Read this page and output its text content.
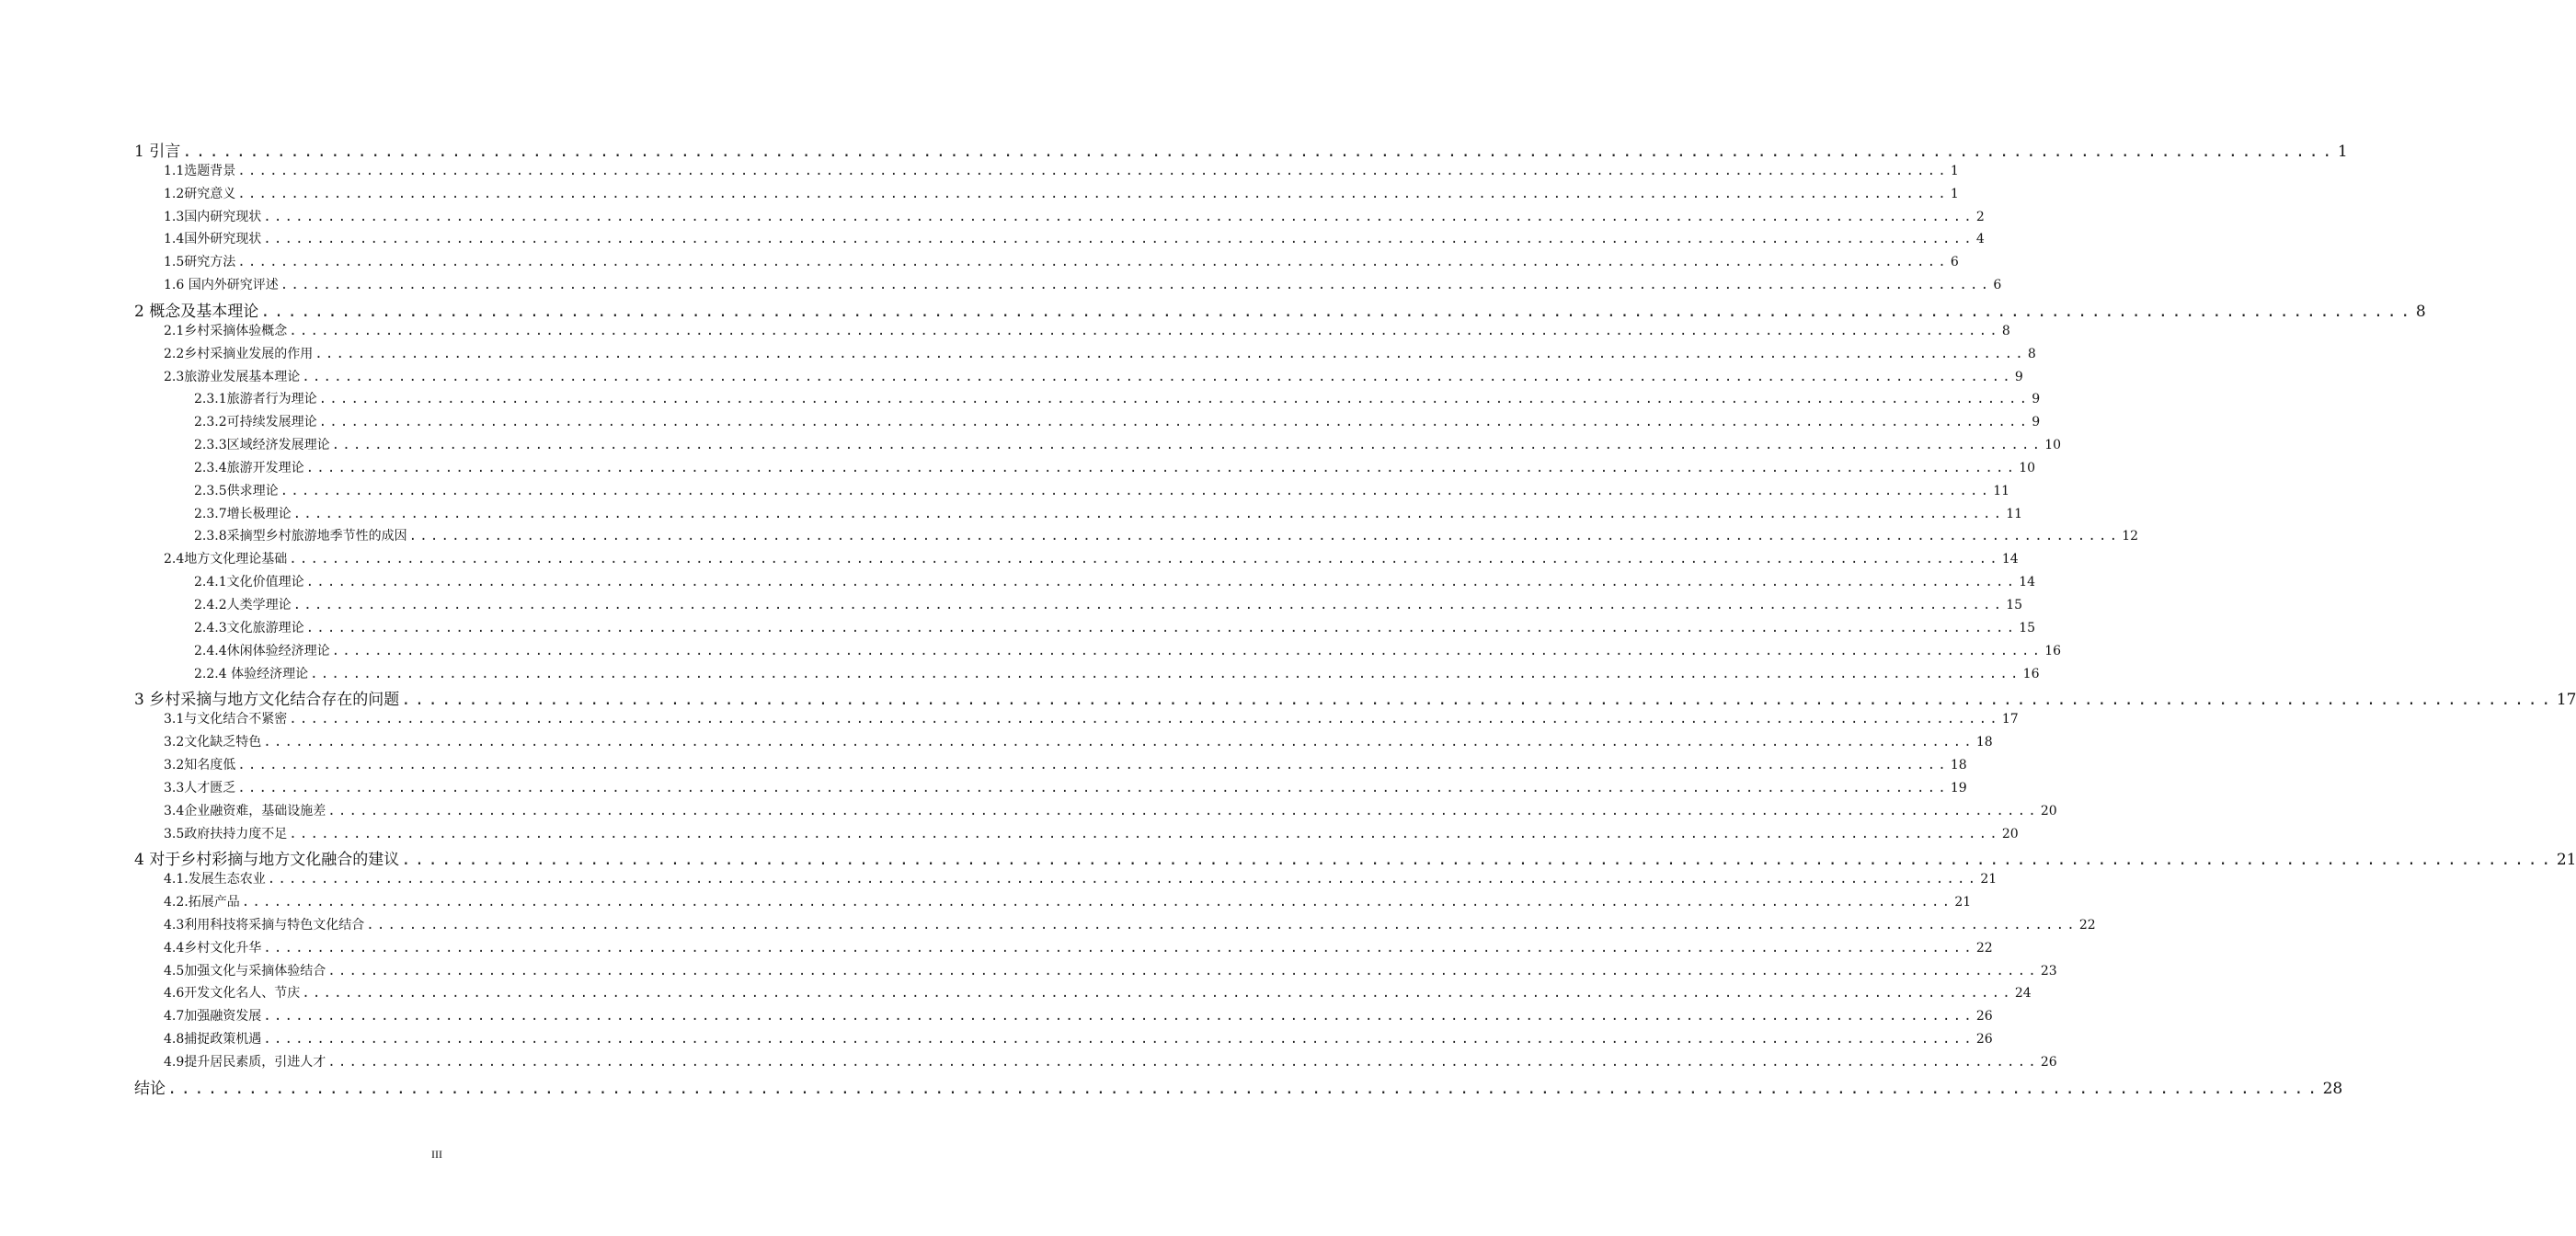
1 引言 ................................................................................................................................................................ 1
1.1选题背景 ................................................................................................................................................................ 1
1.2研究意义 ................................................................................................................................................................ 1
1.3国内研究现状 ................................................................................................................................................................ 2
1.4国外研究现状 ................................................................................................................................................................ 4
1.5研究方法 ................................................................................................................................................................ 6
1.6 国内外研究评述 ................................................................................................................................................................ 6
2 概念及基本理论 ................................................................................................................................................................ 8
2.1乡村采摘体验概念 ................................................................................................................................................................ 8
2.2乡村采摘业发展的作用 ................................................................................................................................................................ 8
2.3旅游业发展基本理论 ................................................................................................................................................................ 9
2.3.1旅游者行为理论 ................................................................................................................................................................ 9
2.3.2可持续发展理论 ................................................................................................................................................................ 9
2.3.3区域经济发展理论 ................................................................................................................................................................ 10
2.3.4旅游开发理论 ................................................................................................................................................................ 10
2.3.5供求理论 ................................................................................................................................................................ 11
2.3.7增长极理论 ................................................................................................................................................................ 11
2.3.8采摘型乡村旅游地季节性的成因 ................................................................................................................................................................ 12
2.4地方文化理论基础 ................................................................................................................................................................ 14
2.4.1文化价值理论 ................................................................................................................................................................ 14
2.4.2人类学理论 ................................................................................................................................................................ 15
2.4.3文化旅游理论 ................................................................................................................................................................ 15
2.4.4休闲体验经济理论 ................................................................................................................................................................ 16
2.2.4 体验经济理论 ................................................................................................................................................................ 16
3 乡村采摘与地方文化结合存在的问题 ................................................................................................................................................................ 17
3.1与文化结合不紧密 ................................................................................................................................................................ 17
3.2文化缺乏特色 ................................................................................................................................................................ 18
3.2知名度低 ................................................................................................................................................................ 18
3.3人才匮乏 ................................................................................................................................................................ 19
3.4企业融资难，基础设施差 ................................................................................................................................................................ 20
3.5政府扶持力度不足 ................................................................................................................................................................ 20
4 对于乡村彩摘与地方文化融合的建议 ................................................................................................................................................................ 21
4.1.发展生态农业 ................................................................................................................................................................ 21
4.2.拓展产品 ................................................................................................................................................................ 21
4.3利用科技将采摘与特色文化结合 ................................................................................................................................................................ 22
4.4乡村文化升华 ................................................................................................................................................................ 22
4.5加强文化与采摘体验结合 ................................................................................................................................................................ 23
4.6开发文化名人、节庆 ................................................................................................................................................................ 24
4.7加强融资发展 ................................................................................................................................................................ 26
4.8捕捉政策机遇 ................................................................................................................................................................ 26
4.9提升居民素质，引进人才 ................................................................................................................................................................ 26
结论 ................................................................................................................................................................ 28
III
